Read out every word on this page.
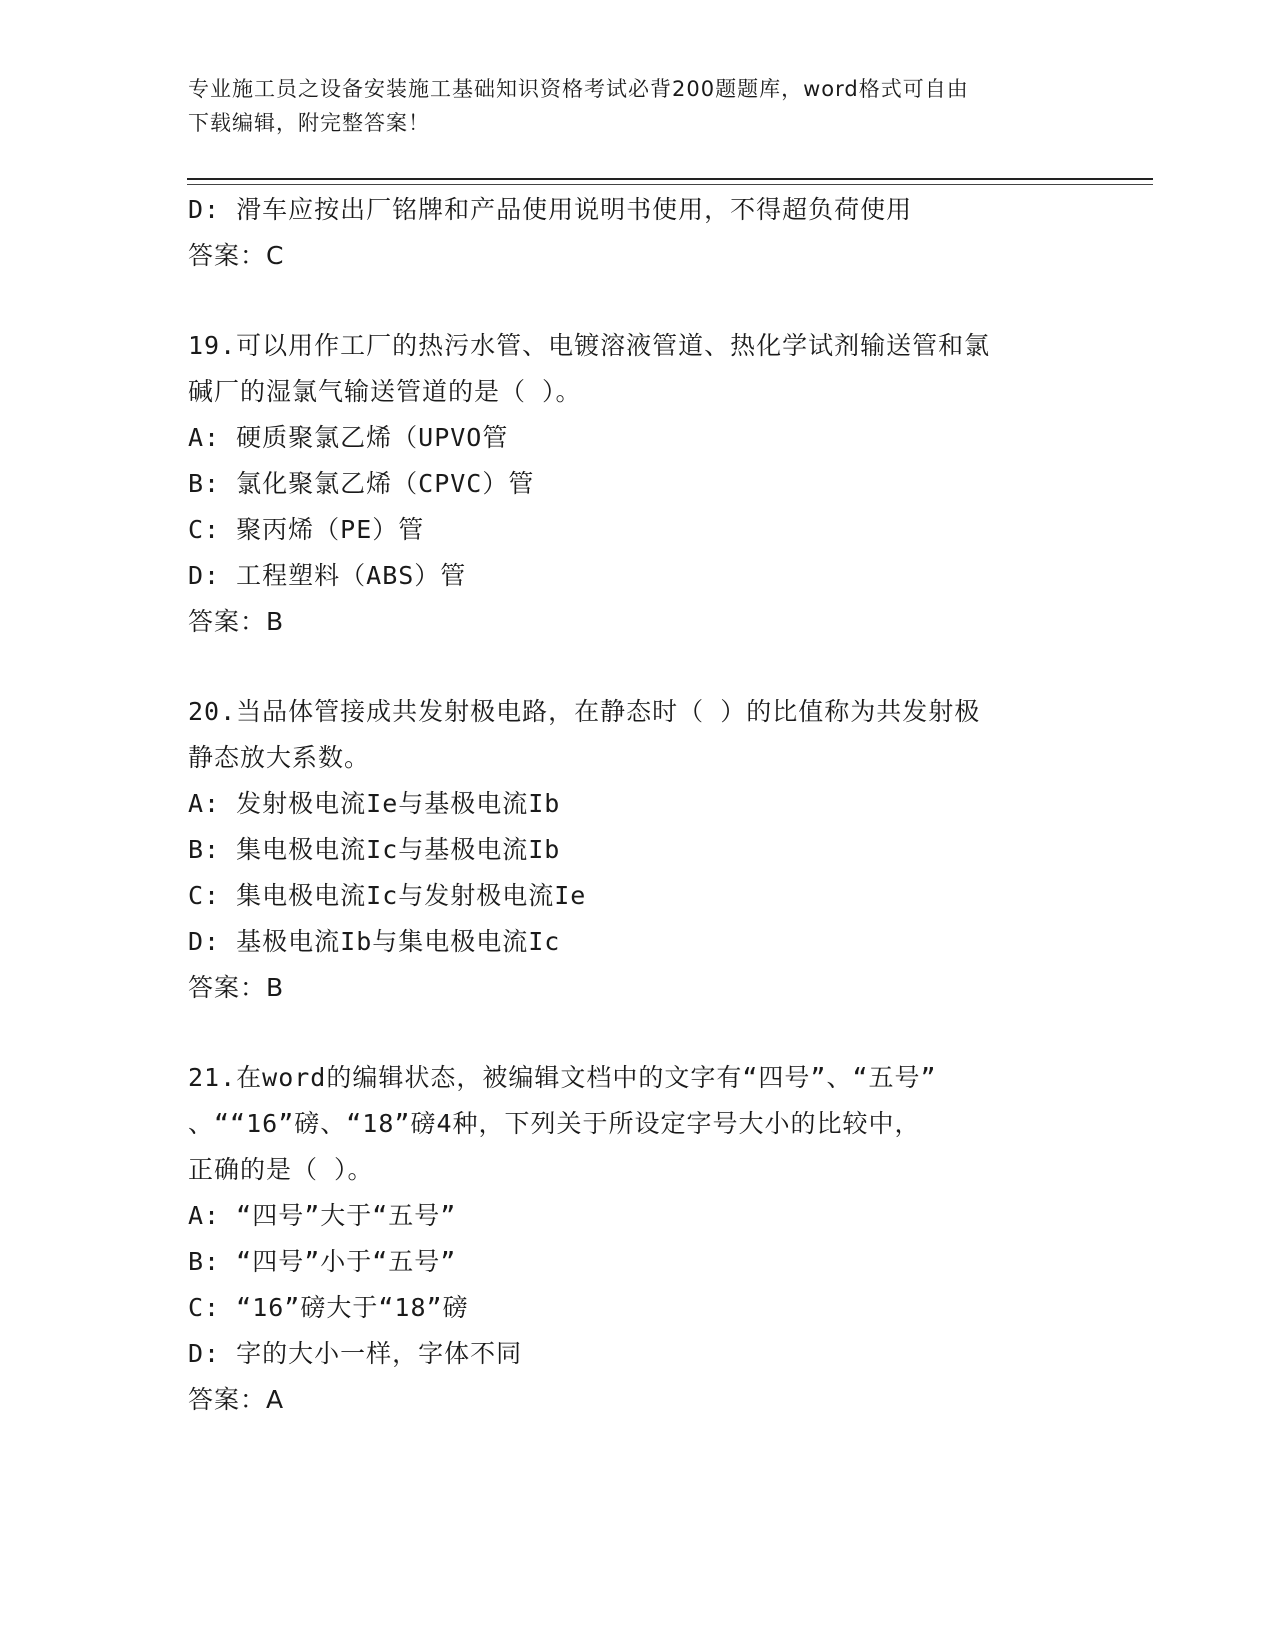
专业施工员之设备安装施工基础知识资格考试必背200题题库，word格式可自由
下载编辑，附完整答案！
D: 滑车应按出厂铭牌和产品使用说明书使用，不得超负荷使用
答案：C
19.可以用作工厂的热污水管、电镀溶液管道、热化学试剂输送管和氯
碱厂的湿氯气输送管道的是（ ）。
A: 硬质聚氯乙烯（UPVO管
B: 氯化聚氯乙烯（CPVC）管
C: 聚丙烯（PE）管
D: 工程塑料（ABS）管
答案：B
20.当品体管接成共发射极电路，在静态时（ ）的比值称为共发射极
静态放大系数。
A: 发射极电流Ie与基极电流Ib
B: 集电极电流Ic与基极电流Ib
C: 集电极电流Ic与发射极电流Ie
D: 基极电流Ib与集电极电流Ic
答案：B
21.在word的编辑状态，被编辑文档中的文字有“四号”、“五号”
、““16”磅、“18”磅4种，下列关于所设定字号大小的比较中，
正确的是（ ）。
A: “四号”大于“五号”
B: “四号”小于“五号”
C: “16”磅大于“18”磅
D: 字的大小一样，字体不同
答案：A
